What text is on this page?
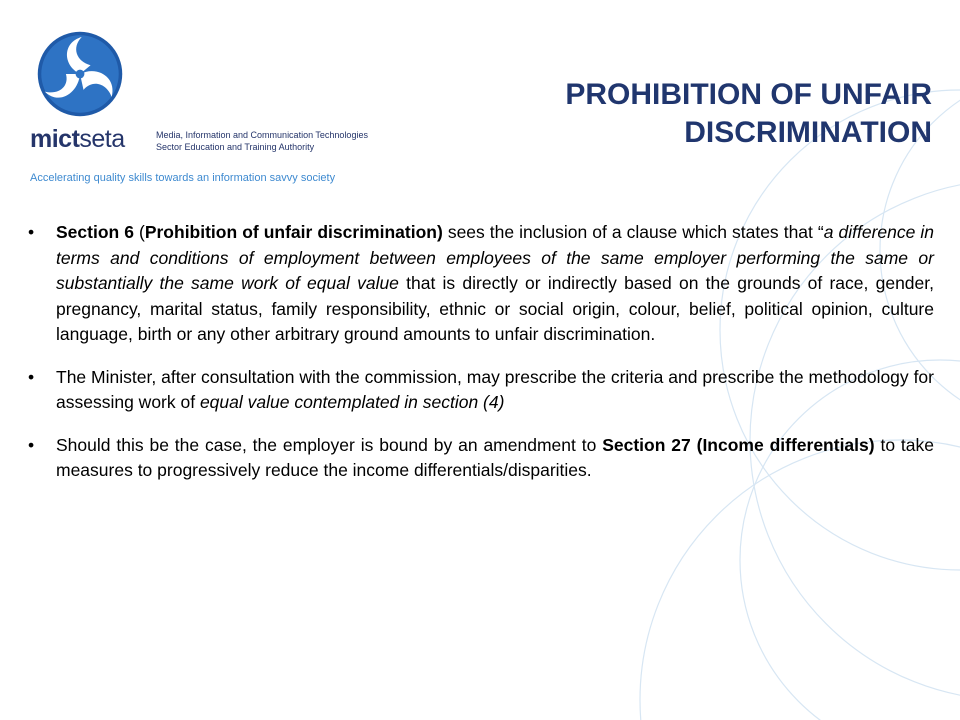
mictseta	Media, Information and Communication Technologies
Sector Education and Training Authority
Accelerating quality skills towards an information savvy society
PROHIBITION OF UNFAIR
DISCRIMINATION
• Section 6 (Prohibition of unfair discrimination) sees the inclusion of a clause which states that “a difference in terms and conditions of employment between employees of the same employer performing the same or substantially the same work of equal value that is directly or indirectly based on the grounds of race, gender, pregnancy, marital status, family responsibility, ethnic or social origin, colour, belief, political opinion, culture language, birth or any other arbitrary ground amounts to unfair discrimination.
• The Minister, after consultation with the commission, may prescribe the criteria and prescribe the methodology for assessing work of equal value contemplated in section (4)
• Should this be the case, the employer is bound by an amendment to Section 27 (Income differentials) to take measures to progressively reduce the income differentials/disparities.
